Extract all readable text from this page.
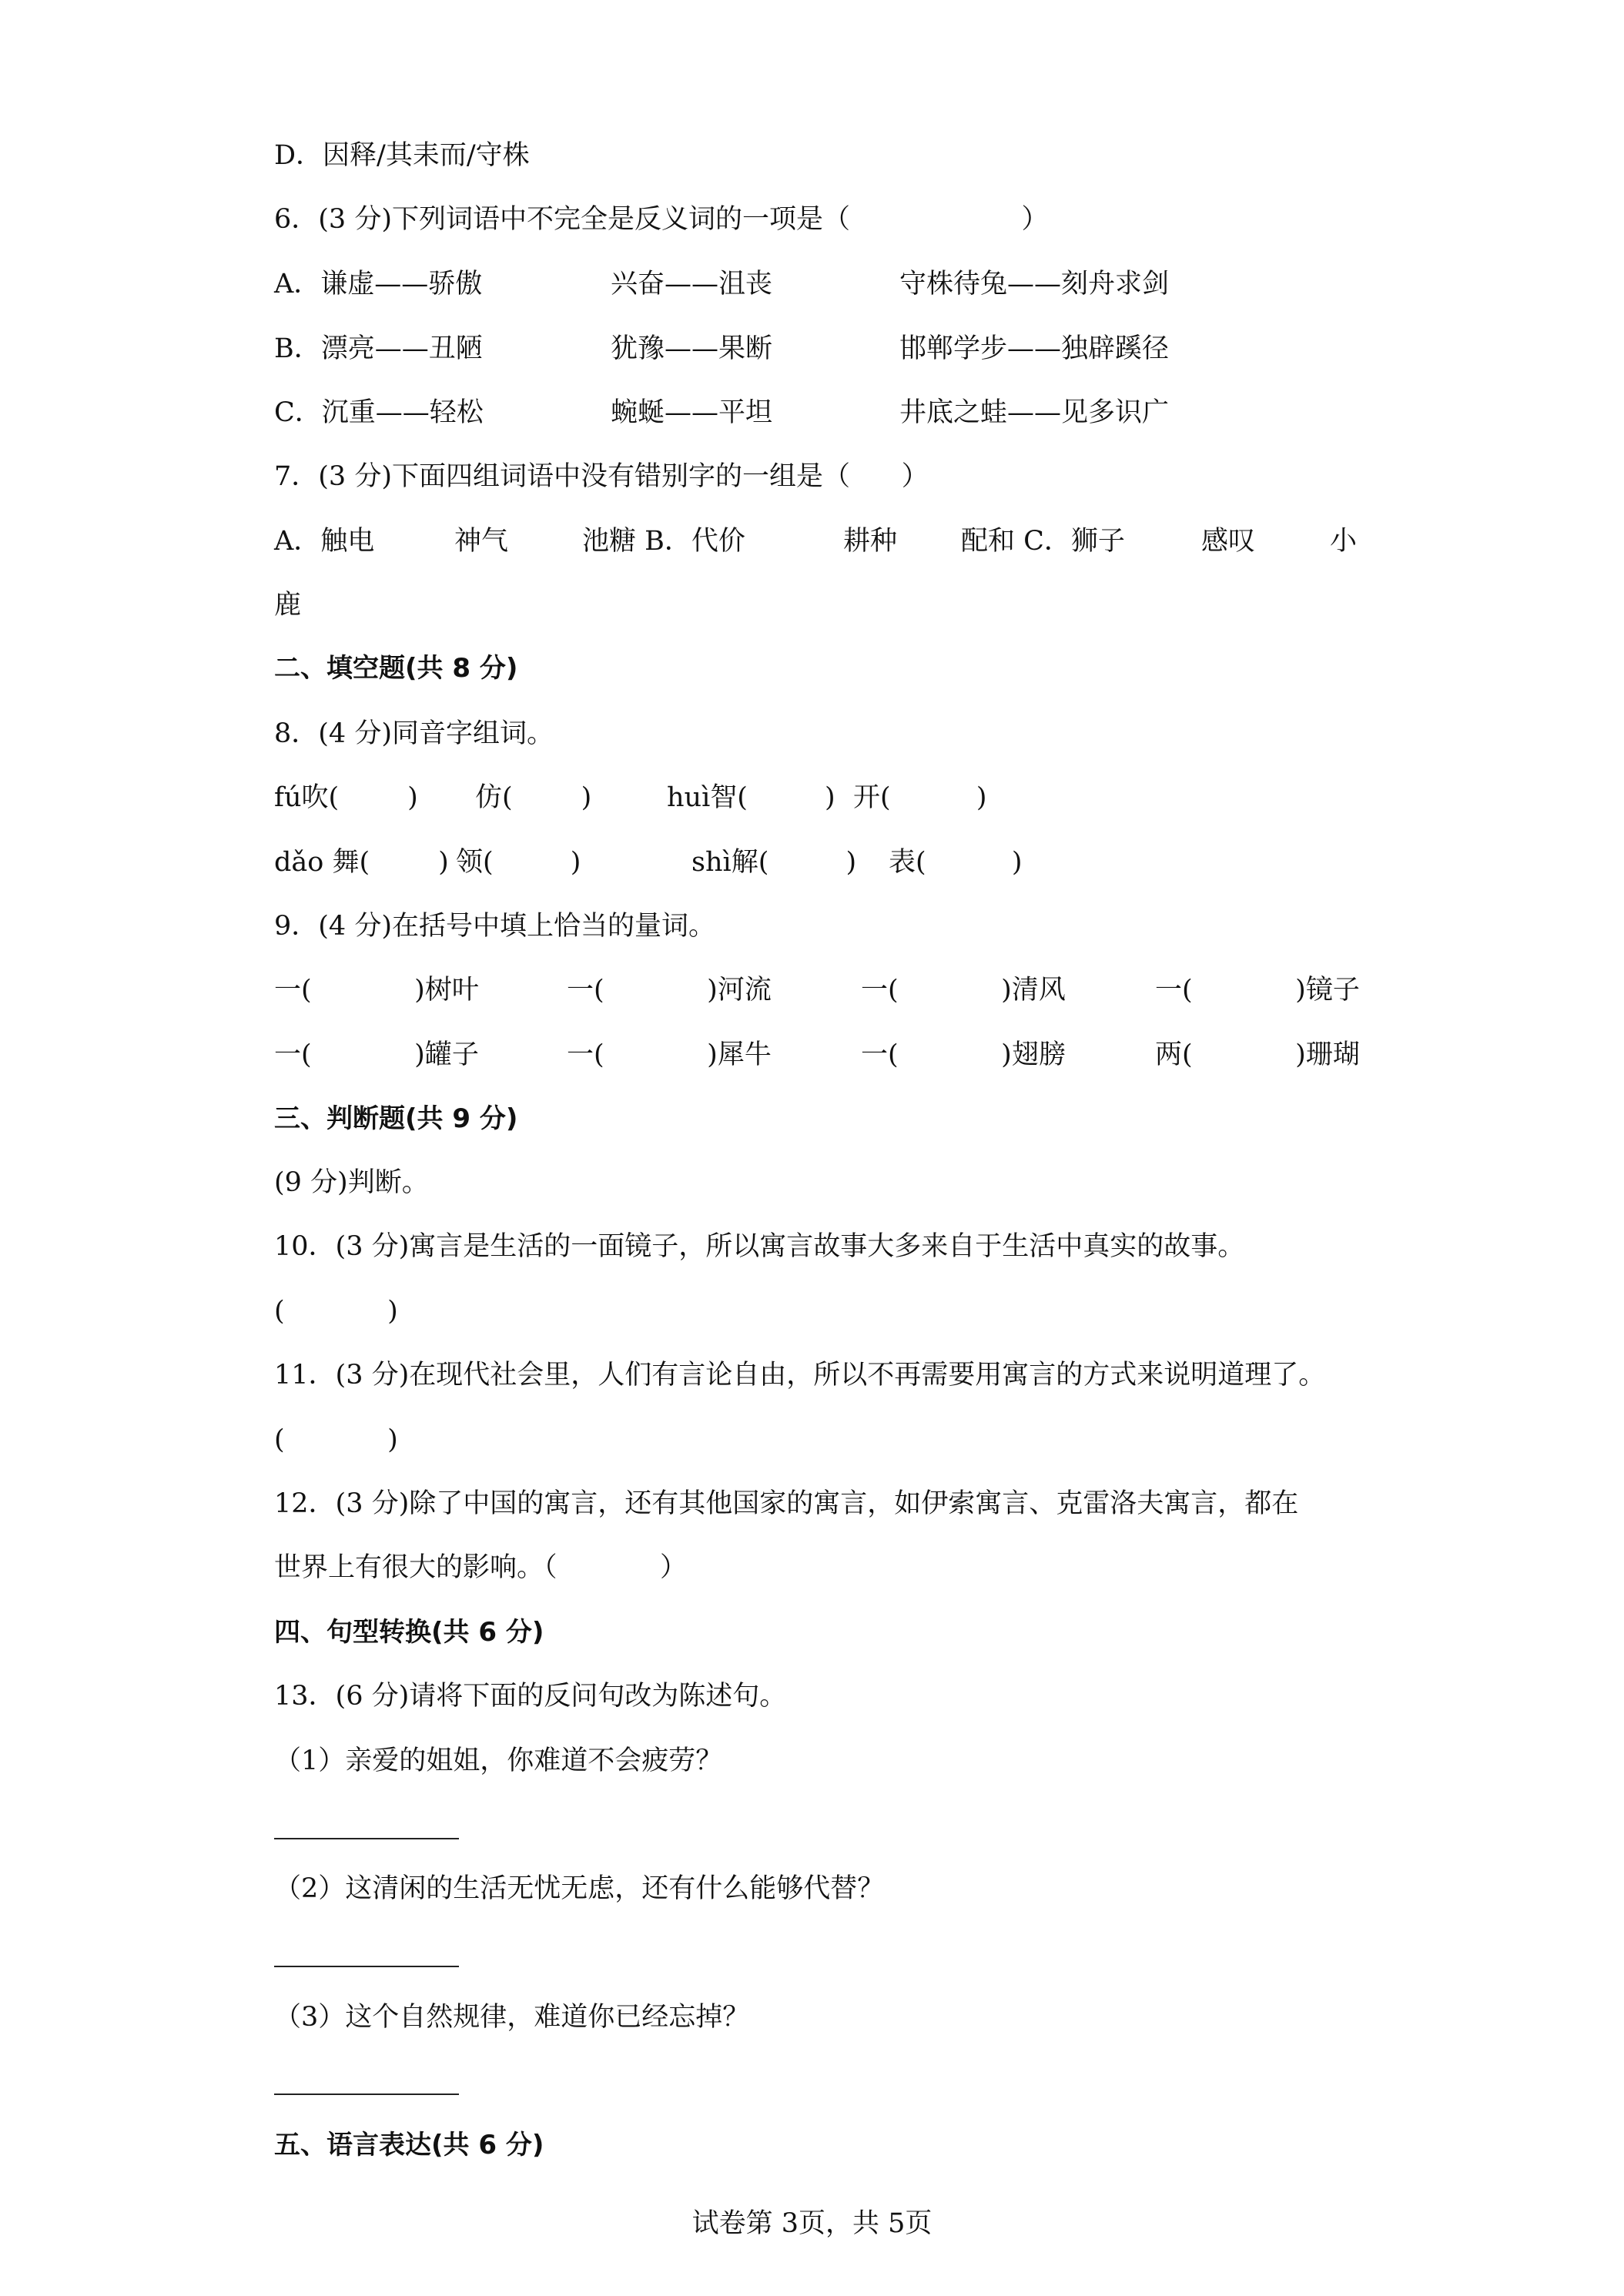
D．因释/其耒而/守株
6．(3 分)下列词语中不完全是反义词的一项是（                    ）
A．谦虚——骄傲	兴奋——沮丧	守株待兔——刻舟求剑
B．漂亮——丑陋	犹豫——果断	邯郸学步——独辟蹊径
C．沉重——轻松	蜿蜒——平坦	井底之蛙——见多识广
7．(3 分)下面四组词语中没有错别字的一组是（      ）
A．触电	神气	池糖 B．代价	耕种 配和 C．狮子	感叹	小
鹿
二、填空题(共 8 分)
8．(4 分)同音字组词。
fú吹(        ) 仿(        )	huì智(         ) 开(          )
dǎo 舞(        ) 领(         )	shì解(         ) 表(          )
9．(4 分)在括号中填上恰当的量词。
一(            )树叶	一(            )河流	一(            )清风	一(            )镜子
一(            )罐子	一(            )犀牛	一(            )翅膀	两(            )珊瑚
三、判断题(共 9 分)
(9 分)判断。
10．(3 分)寓言是生活的一面镜子，所以寓言故事大多来自于生活中真实的故事。
(            )
11．(3 分)在现代社会里，人们有言论自由，所以不再需要用寓言的方式来说明道理了。
(            )
12．(3 分)除了中国的寓言，还有其他国家的寓言，如伊索寓言、克雷洛夫寓言，都在
世界上有很大的影响。（            ）
四、句型转换(共 6 分)
13．(6 分)请将下面的反问句改为陈述句。
（1）亲爱的姐姐，你难道不会疲劳？
（2）这清闲的生活无忧无虑，还有什么能够代替？
（3）这个自然规律，难道你已经忘掉？
五、语言表达(共 6 分)
试卷第 3页，共 5页
